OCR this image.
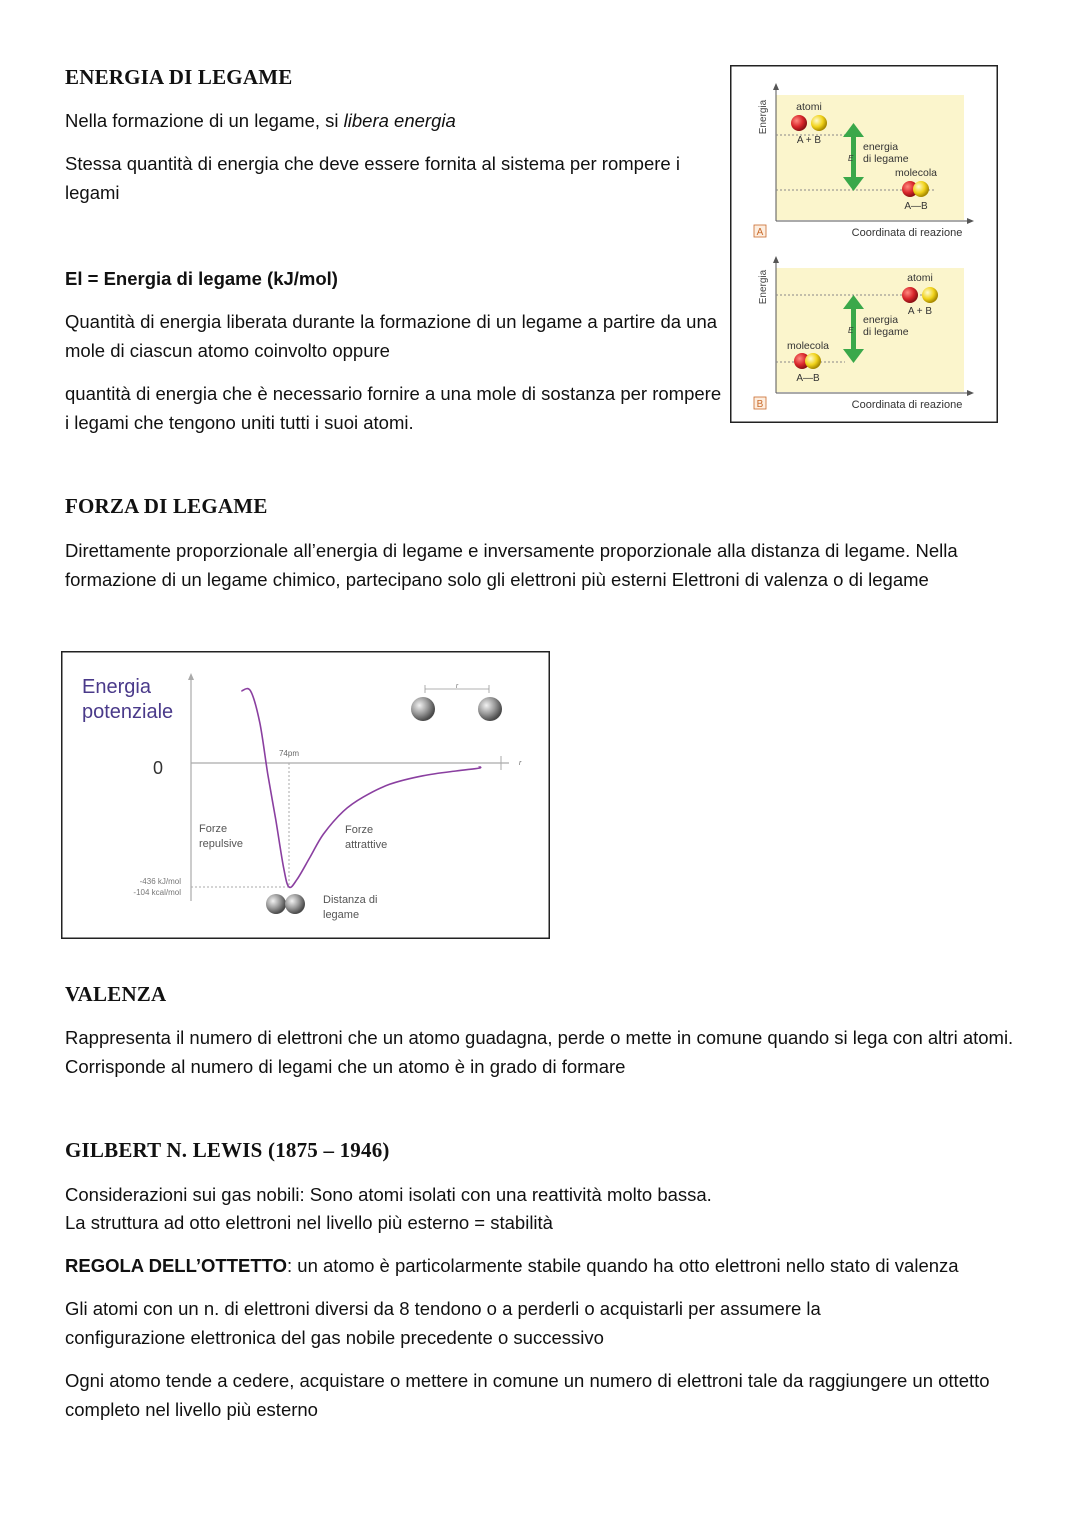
ENERGIA DI LEGAME
Nella formazione di un legame, si libera energia
Stessa quantità di energia che deve essere fornita al sistema per rompere i legami
El = Energia di legame (kJ/mol)
Quantità di energia liberata durante la formazione di un legame a partire da una mole di ciascun atomo coinvolto oppure
quantità di energia che è necessario fornire a una mole di sostanza per rompere i legami che tengono uniti tutti i suoi atomi.
Energia	atomi
A + B
E
energia
di legame
molecola
A—B
A	Coordinata di reazione
Energia	atomi
A + B
E
energia
di legame
molecola
A—B
B	Coordinata di reazione
FORZA DI LEGAME
Direttamente proporzionale all’energia di legame e inversamente proporzionale alla distanza di legame. Nella formazione di un legame chimico, partecipano solo gli elettroni più esterni Elettroni di valenza o di legame
Energia
potenziale
0	r
74pm
-436 kJ/mol
-104 kcal/mol
Forze
repulsive
Forze
attrattive
Distanza di
legame
r
VALENZA
Rappresenta il numero di elettroni che un atomo guadagna, perde o mette in comune quando si lega con altri atomi. Corrisponde al numero di legami che un atomo è in grado di formare
GILBERT N. LEWIS (1875 – 1946)
Considerazioni sui gas nobili: Sono atomi isolati con una reattività molto bassa.
La struttura ad otto elettroni nel livello più esterno = stabilità
REGOLA DELL’OTTETTO: un atomo è particolarmente stabile quando ha otto elettroni nello stato di valenza
Gli atomi con un n. di elettroni diversi da 8 tendono o a perderli o acquistarli per assumere la configurazione elettronica del gas nobile precedente o successivo
Ogni atomo tende a cedere, acquistare o mettere in comune un numero di elettroni tale da raggiungere un ottetto completo nel livello più esterno
